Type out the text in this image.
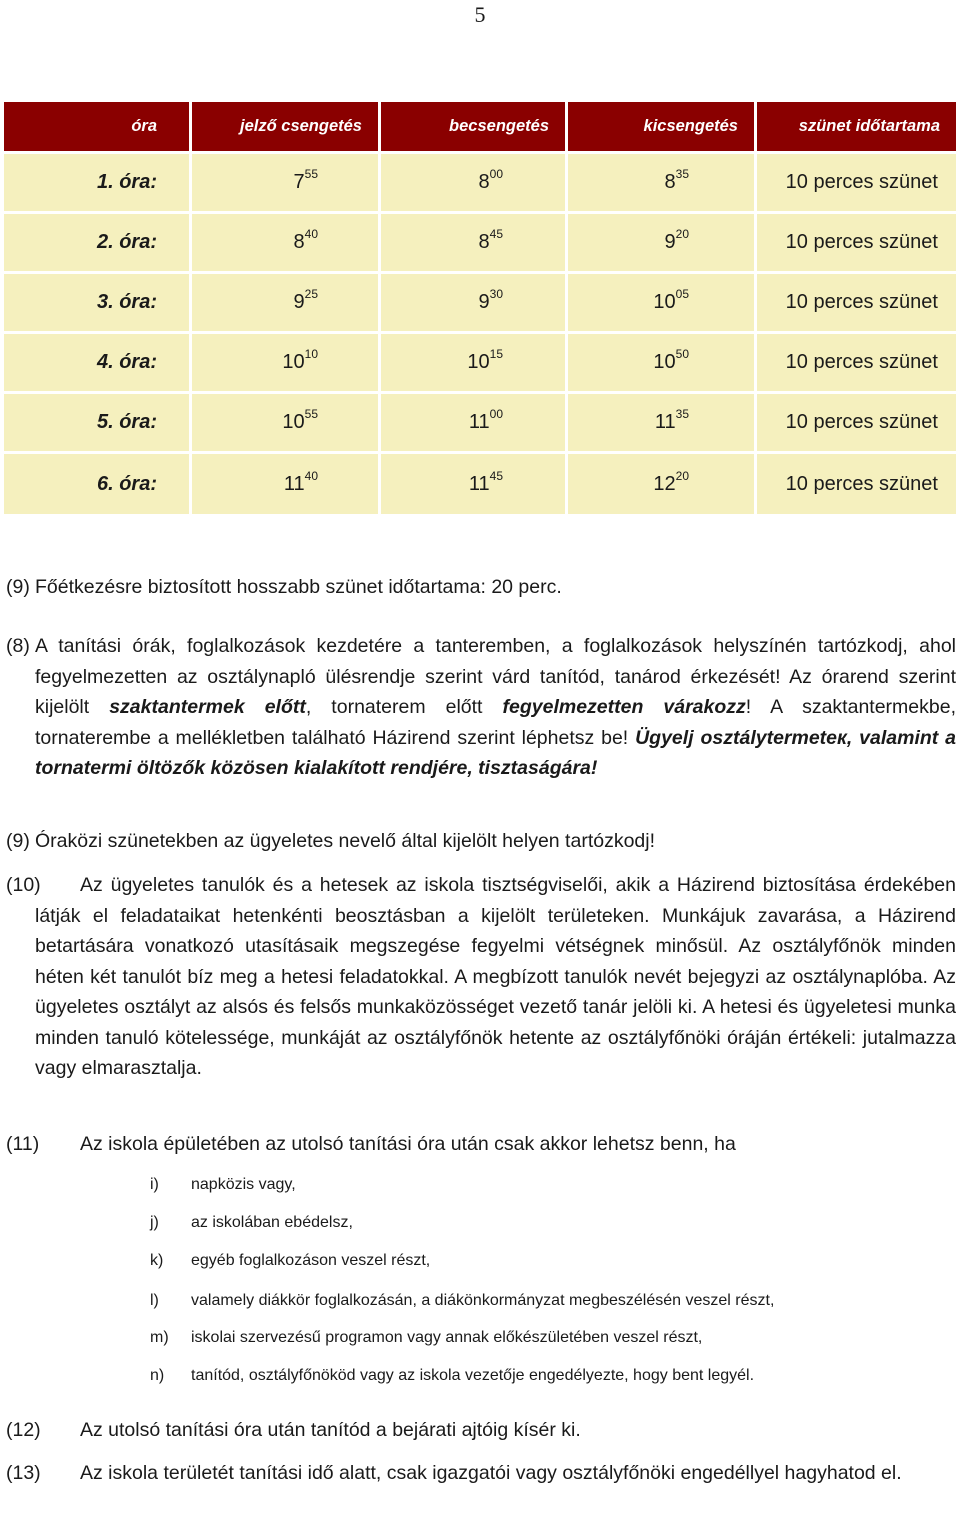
5
óra	jelző csengetés	becsengetés	kicsengetés	szünet időtartama
1. óra:	$7^{55}$	$8^{00}$	$8^{35}$	10 perces szünet
2. óra:	$8^{40}$	$8^{45}$	$9^{20}$	10 perces szünet
3. óra:	$9^{25}$	$9^{30}$	$10^{05}$	10 perces szünet
4. óra:	$10^{10}$	$10^{15}$	$10^{50}$	10 perces szünet
5. óra:	$10^{55}$	$11^{00}$	$11^{35}$	10 perces szünet
6. óra:	$11^{40}$	$11^{45}$	$12^{20}$	10 perces szünet
(9) Főétkezésre biztosított hosszabb szünet időtartama: 20 perc.
(8) A tanítási órák, foglalkozások kezdetére a tanteremben, a foglalkozások helyszínén tartózkodj, ahol fegyelmezetten az osztálynapló ülésrendje szerint várd tanítód, tanárod érkezését! Az órarend szerint kijelölt szaktantermek előtt, tornaterem előtt fegyelmezetten várakozz! A szaktantermekbe, tornaterembe a mellékletben található Házirend szerint léphetsz be! Ügyelj osztálytermeteк, valamint a tornatermi öltözők közösen kialakított rendjére, tisztaságára!
(9) Óraközi szünetekben az ügyeletes nevelő által kijelölt helyen tartózkodj!
(10) Az ügyeletes tanulók és a hetesek az iskola tisztségviselői, akik a Házirend biztosítása érdekében látják el feladataikat hetenkénti beosztásban a kijelölt területeken. Munkájuk zavarása, a Házirend betartására vonatkozó utasításaik megszegése fegyelmi vétségnek minősül. Az osztályfőnök minden héten két tanulót bíz meg a hetesi feladatokkal. A megbízott tanulók nevét bejegyzi az osztálynaplóba. Az ügyeletes osztályt az alsós és felsős munkaközösséget vezető tanár jelöli ki. A hetesi és ügyeletesi munka minden tanuló kötelessége, munkáját az osztályfőnök hetente az osztályfőnöki óráján értékeli: jutalmazza vagy elmarasztalja.
(11) Az iskola épületében az utolsó tanítási óra után csak akkor lehetsz benn, ha
i) napközis vagy,
j) az iskolában ebédelsz,
k) egyéb foglalkozáson veszel részt,
l) valamely diákkör foglalkozásán, a diákönkormányzat megbeszélésén veszel részt,
m) iskolai szervezésű programon vagy annak előkészületében veszel részt,
n) tanítód, osztályfőnököd vagy az iskola vezetője engedélyezte, hogy bent legyél.
(12) Az utolsó tanítási óra után tanítód a bejárati ajtóig kísér ki.
(13) Az iskola területét tanítási idő alatt, csak igazgatói vagy osztályfőnöki engedéllyel hagyhatod el.
